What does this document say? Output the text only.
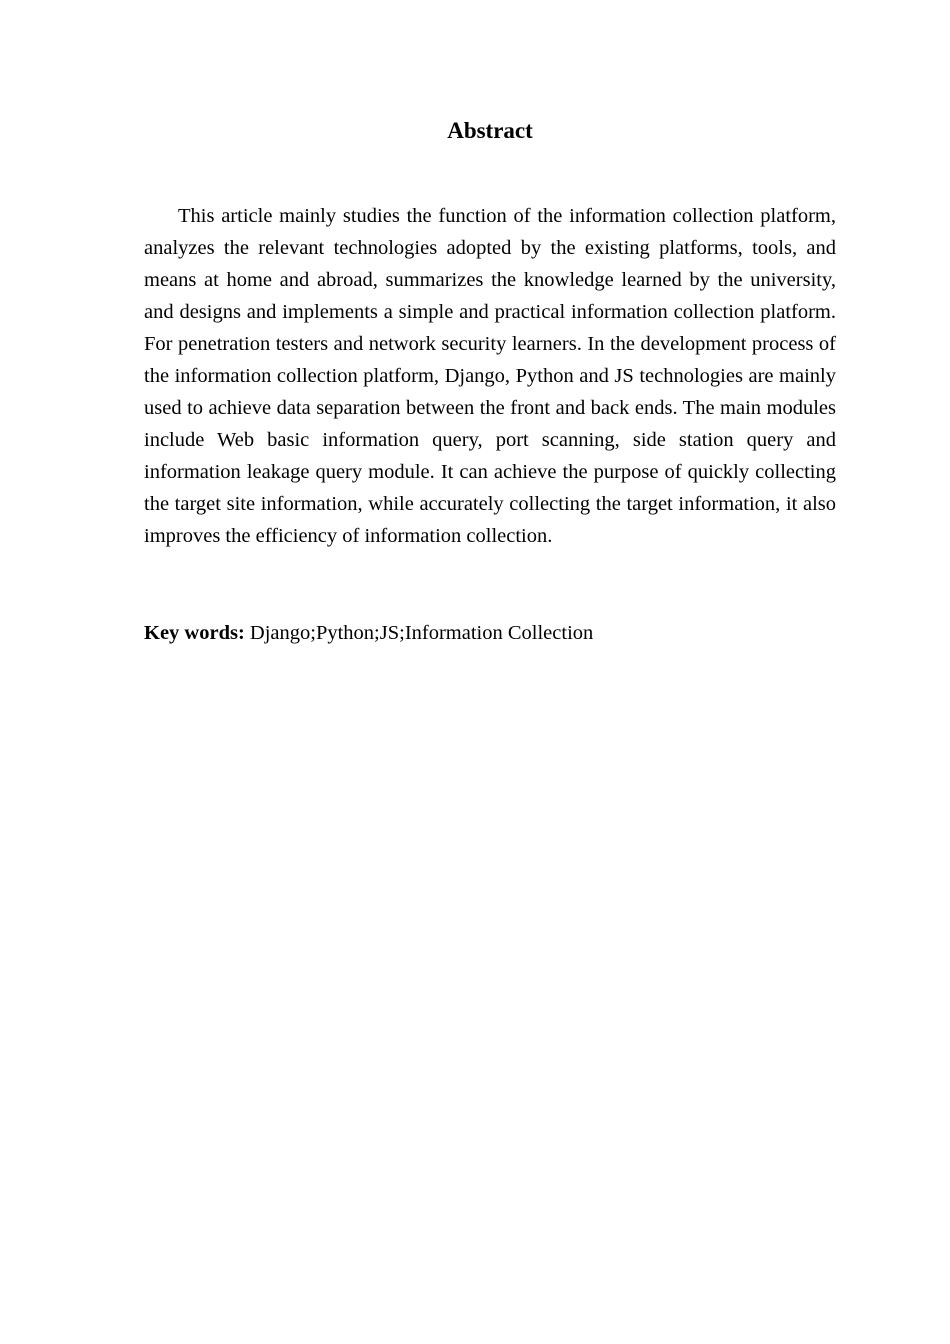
Abstract

This article mainly studies the function of the information collection platform, analyzes the relevant technologies adopted by the existing platforms, tools, and means at home and abroad, summarizes the knowledge learned by the university, and designs and implements a simple and practical information collection platform. For penetration testers and network security learners. In the development process of the information collection platform, Django, Python and JS technologies are mainly used to achieve data separation between the front and back ends. The main modules include Web basic information query, port scanning, side station query and information leakage query module. It can achieve the purpose of quickly collecting the target site information, while accurately collecting the target information, it also improves the efficiency of information collection.

Key words: Django;Python;JS;Information Collection
